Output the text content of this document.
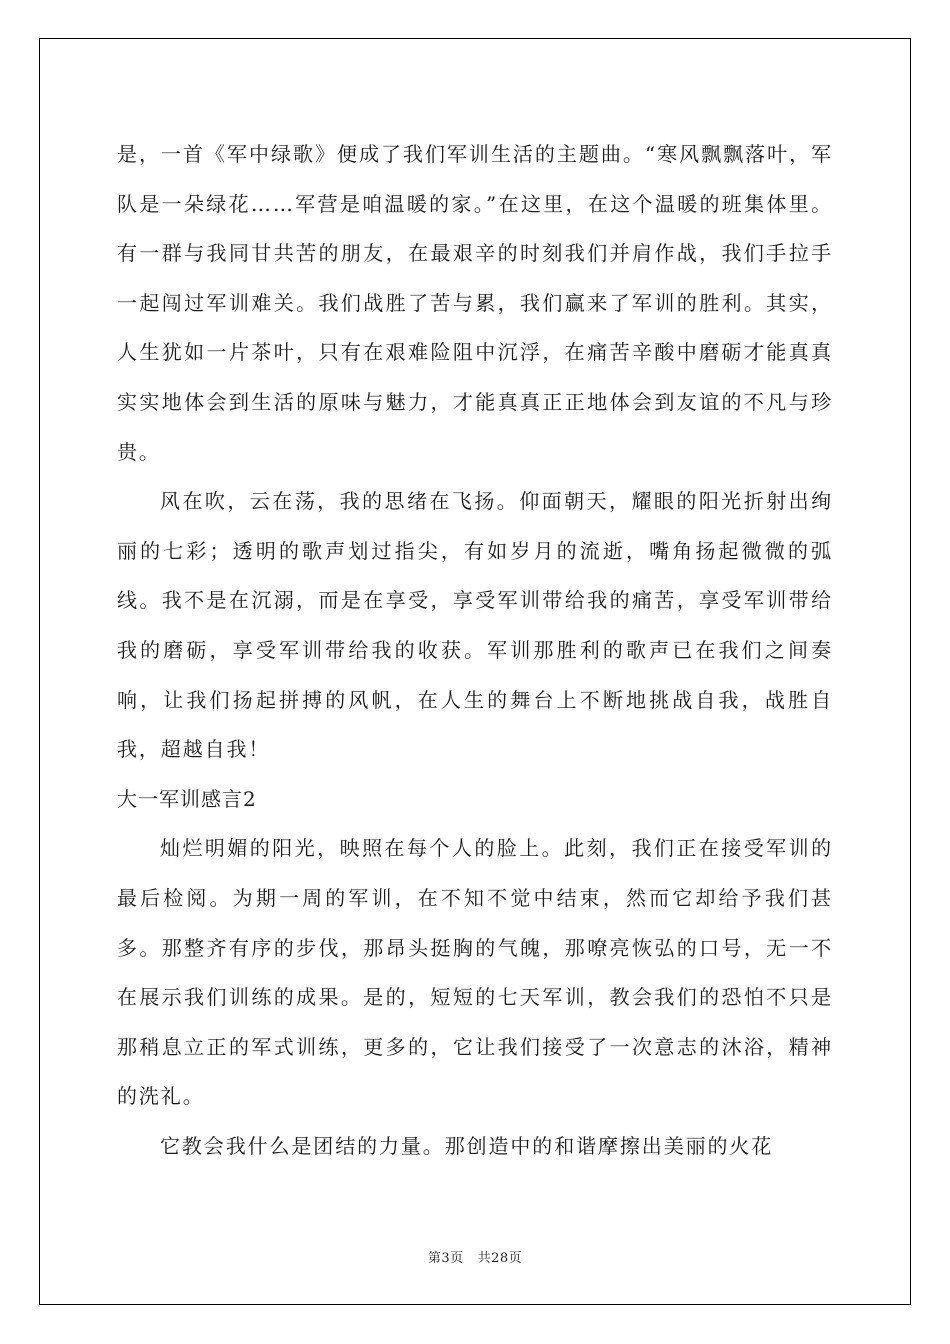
是，一首《军中绿歌》便成了我们军训生活的主题曲。“寒风飘飘落叶，军队是一朵绿花……军营是咱温暖的家。”在这里，在这个温暖的班集体里。有一群与我同甘共苦的朋友，在最艰辛的时刻我们并肩作战，我们手拉手一起闯过军训难关。我们战胜了苦与累，我们赢来了军训的胜利。其实，人生犹如一片茶叶，只有在艰难险阻中沉浮，在痛苦辛酸中磨砺才能真真实实地体会到生活的原味与魅力，才能真真正正地体会到友谊的不凡与珍贵。

风在吹，云在荡，我的思绪在飞扬。仰面朝天，耀眼的阳光折射出绚丽的七彩；透明的歌声划过指尖，有如岁月的流逝，嘴角扬起微微的弧线。我不是在沉溺，而是在享受，享受军训带给我的痛苦，享受军训带给我的磨砺，享受军训带给我的收获。军训那胜利的歌声已在我们之间奏响，让我们扬起拼搏的风帆，在人生的舞台上不断地挑战自我，战胜自我，超越自我！

大一军训感言2

灿烂明媚的阳光，映照在每个人的脸上。此刻，我们正在接受军训的最后检阅。为期一周的军训，在不知不觉中结束，然而它却给予我们甚多。那整齐有序的步伐，那昂头挺胸的气魄，那嘹亮恢弘的口号，无一不在展示我们训练的成果。是的，短短的七天军训，教会我们的恐怕不只是那稍息立正的军式训练，更多的，它让我们接受了一次意志的沐浴，精神的洗礼。

它教会我什么是团结的力量。那创造中的和谐摩擦出美丽的火花

第3页 共28页
